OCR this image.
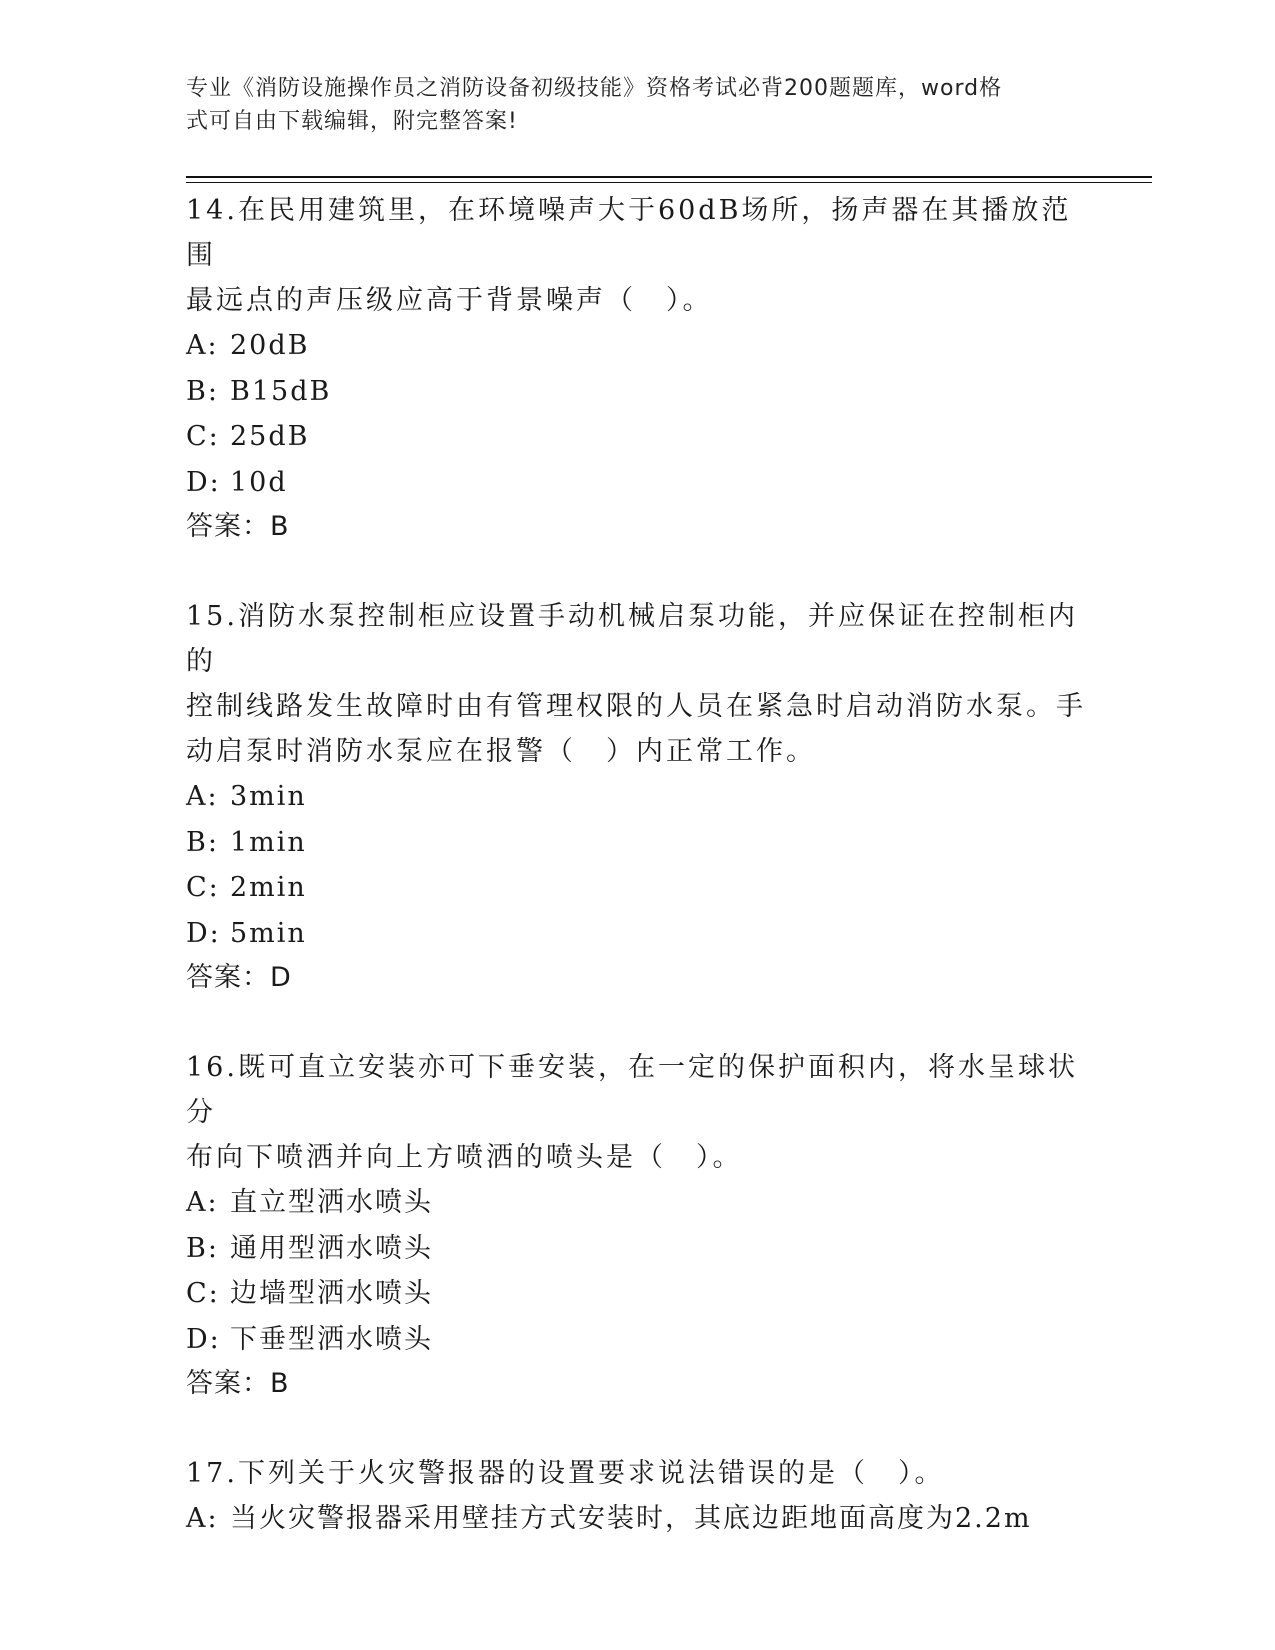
专业《消防设施操作员之消防设备初级技能》资格考试必背200题题库，word格
式可自由下载编辑，附完整答案!

14.在民用建筑里，在环境噪声大于60dB场所，扬声器在其播放范围

最远点的声压级应高于背景噪声（　）。

A: 20dB

B: B15dB

C: 25dB

D: 10d

答案：B

15.消防水泵控制柜应设置手动机械启泵功能，并应保证在控制柜内的

控制线路发生故障时由有管理权限的人员在紧急时启动消防水泵。手

动启泵时消防水泵应在报警（　）内正常工作。

A: 3min

B: 1min

C: 2min

D: 5min

答案：D

16.既可直立安装亦可下垂安装，在一定的保护面积内，将水呈球状分

布向下喷洒并向上方喷洒的喷头是（　）。

A: 直立型洒水喷头

B: 通用型洒水喷头

C: 边墙型洒水喷头

D: 下垂型洒水喷头

答案：B

17.下列关于火灾警报器的设置要求说法错误的是（　）。

A: 当火灾警报器采用壁挂方式安装时，其底边距地面高度为2.2m
